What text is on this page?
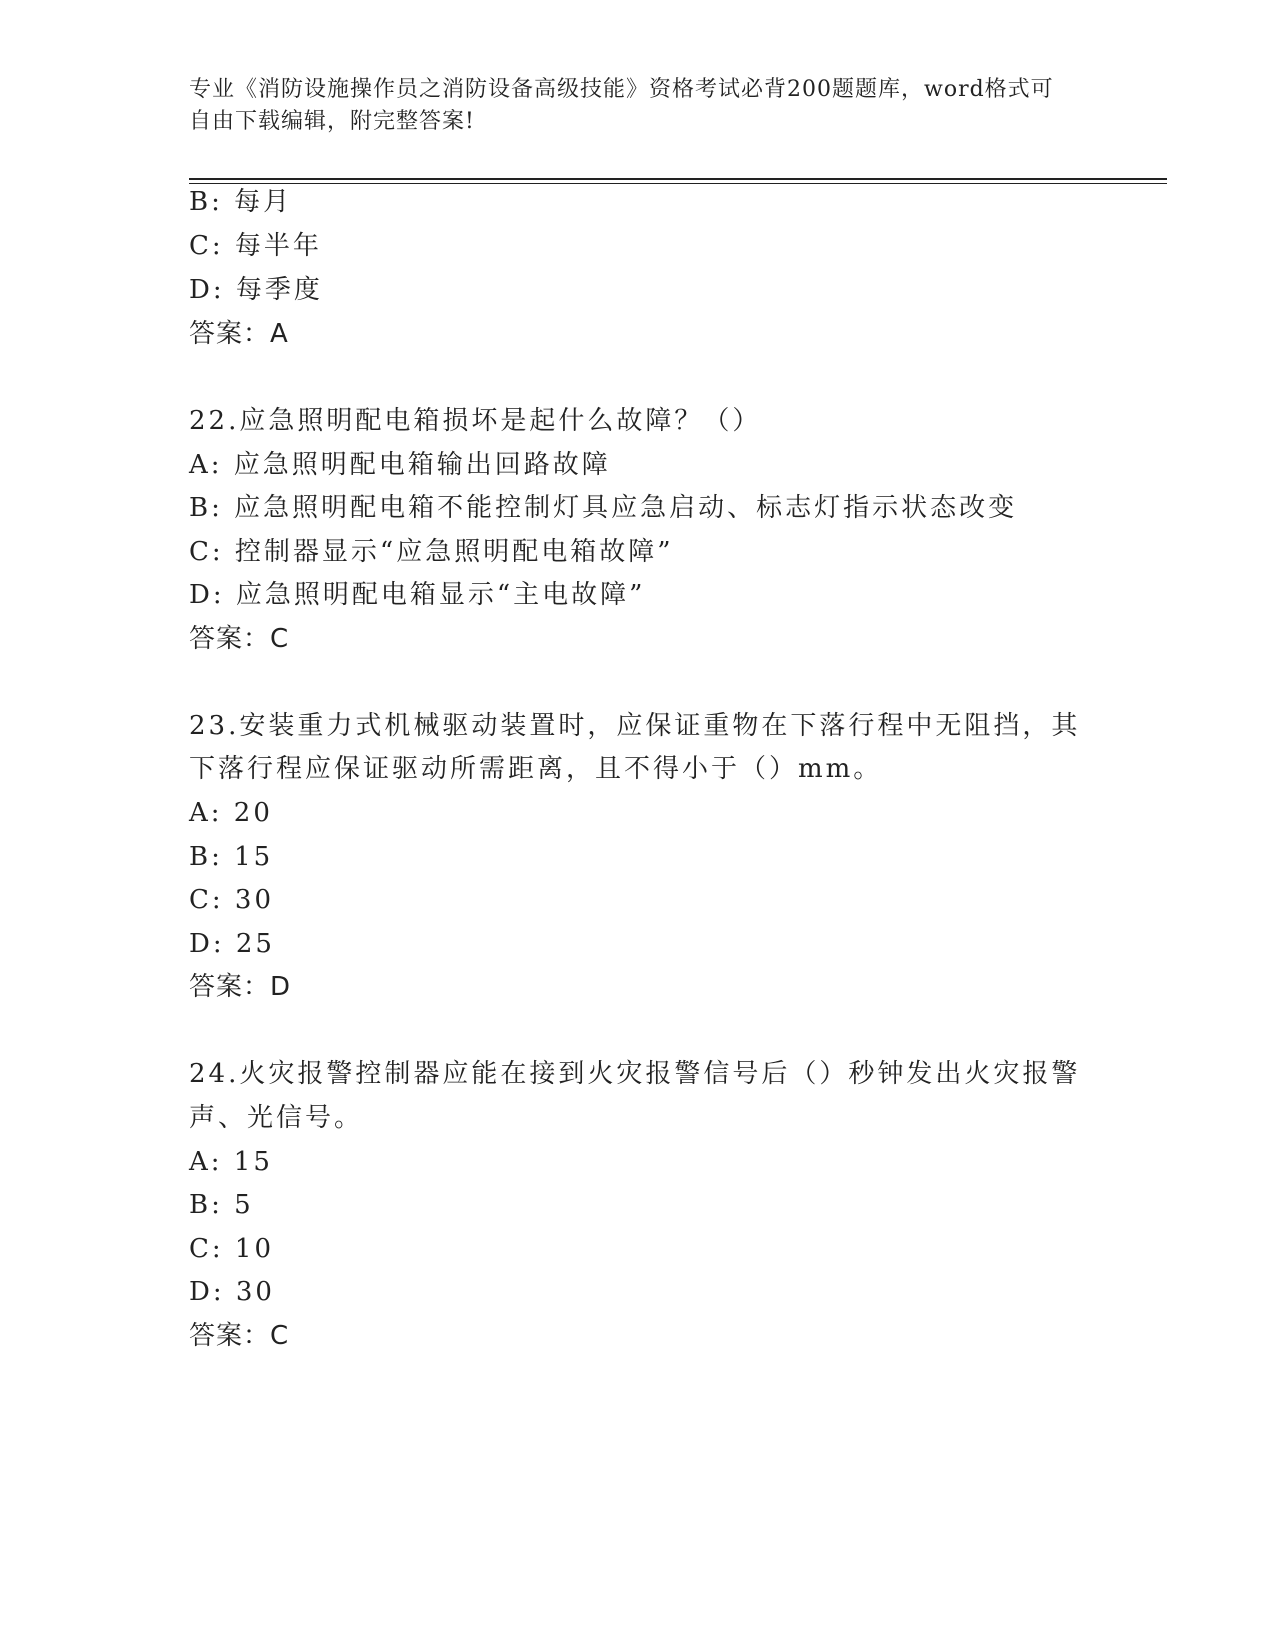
专业《消防设施操作员之消防设备高级技能》资格考试必背200题题库，word格式可自由下载编辑，附完整答案!
B: 每月
C: 每半年
D: 每季度
答案：A
22.应急照明配电箱损坏是起什么故障？（）
A: 应急照明配电箱输出回路故障
B: 应急照明配电箱不能控制灯具应急启动、标志灯指示状态改变
C: 控制器显示“应急照明配电箱故障”
D: 应急照明配电箱显示“主电故障”
答案：C
23.安装重力式机械驱动装置时，应保证重物在下落行程中无阻挡，其
下落行程应保证驱动所需距离，且不得小于（）mm。
A: 20
B: 15
C: 30
D: 25
答案：D
24.火灾报警控制器应能在接到火灾报警信号后（）秒钟发出火灾报警
声、光信号。
A: 15
B: 5
C: 10
D: 30
答案：C
